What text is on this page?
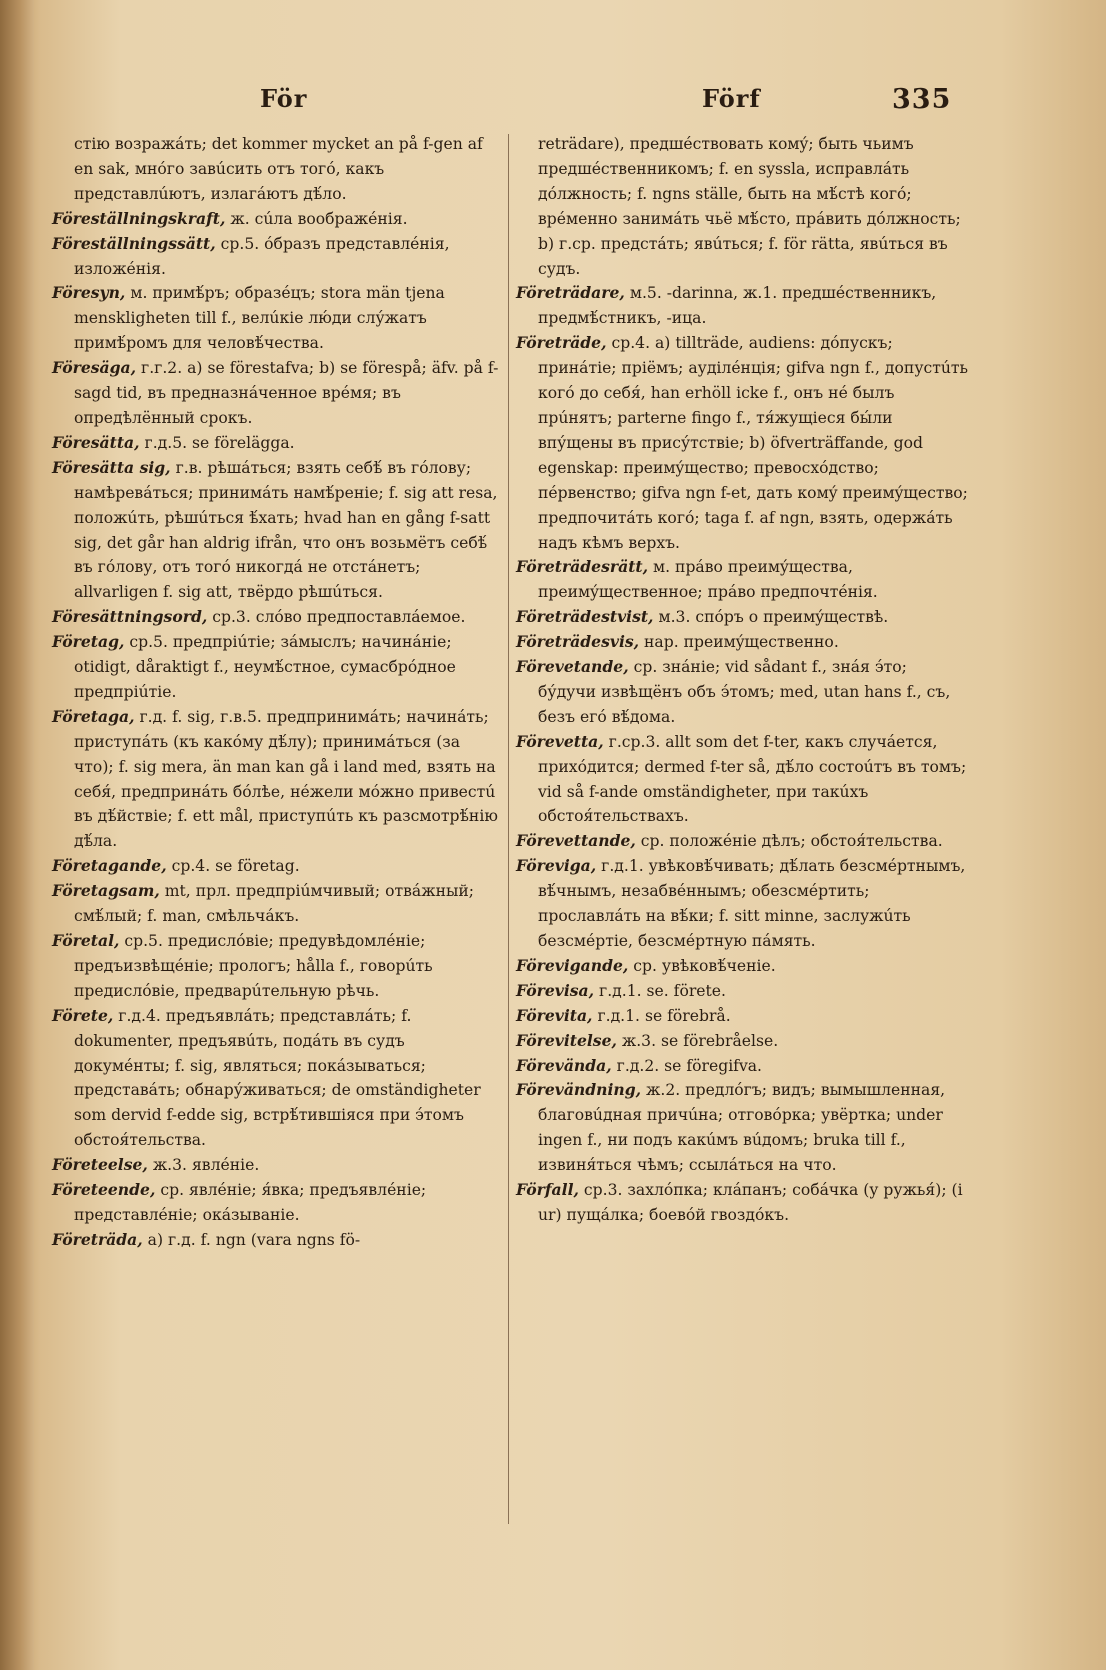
För	Förf	335

стію возражáть; det kommer mycket an på f-gen af en sak, мнóго завúсить отъ тогó, какъ представлúютъ, излагáютъ дѣ́ло.

Föreställningskraft, ж. сúла воображéнія.

Föreställningssätt, ср.5. óбразъ представлéнія, изложéнія.

Föresyn, м. примѣ́ръ; образéцъ; stora män tjena menskligheten till f., велúкіе лю́ди слу́жатъ примѣ́ромъ для человѣ́чества.

Föresäga, г.г.2. a) se förestafva; b) se förespå; äfv. på f-sagd tid, въ предназнáченное врéмя; въ опредѣлённый срокъ.

Föresätta, г.д.5. se förelägga.

Föresätta sig, г.в. рѣшáться; взять себѣ́ въ гóлову; намѣрeвáться; принимáть намѣ́реніе; f. sig att resa, положúть, рѣшúться ѣ́хать; hvad han en gång f-satt sig, det går han aldrig ifrån, что онъ возьмётъ себѣ́ въ гóлову, отъ тогó никогдá не отстáнетъ; allvarligen f. sig att, твёрдо рѣшúться.

Föresättningsord, ср.3. слóво предпоставлáемое.

Företag, ср.5. предпріúтіе; зáмыслъ; начинáніе; otidigt, dåraktigt f., неумѣ́стное, сумасбрóдное предпріúтіе.

Företaga, г.д. f. sig, г.в.5. предпринимáть; начинáть; приступáть (къ какóму дѣ́лу); принимáться (за что); f. sig mera, än man kan gå i land med, взять на себя́, предпринáть бóлѣе, нéжели мóжно привестú въ дѣ́йствіе; f. ett mål, приступúть къ разсмотрѣ́нію дѣ́ла.

Företagande, ср.4. se företag.

Företagsam, mt, прл. предпріúмчивый; отвáжный; смѣ́лый; f. man, смѣльчáкъ.

Företal, ср.5. предислóвіе; предувѣдомлéніе; предъизвѣщéніе; прологъ; hålla f., говорúть предислóвіе, предварúтельную рѣчь.

Förete, г.д.4. предъявлáть; представлáть; f. dokumenter, предъявúть, подáть въ судъ докумéнты; f. sig, являться; покáзываться; представáть; обнару́живаться; de omständigheter som dervid f-edde sig, встрѣ́тившіяся при э́томъ обстоя́тельства.

Företeelse, ж.3. явлéніе.

Företeende, ср. явлéніе; я́вка; предъявлéніе; представлéніе; окáзываніе.

Företräda, a) г.д. f. ngn (vara ngns fö-

reträdare), предшéствовать комý; быть чьимъ предшéственникомъ; f. en syssla, исправлáть дóлжность; f. ngns ställe, быть на мѣ́стѣ когó; врéменно занимáть чьё мѣ́сто, прáвить дóлжность; b) г.ср. предстáть; явúться; f. för rätta, явúться въ судъ.

Företrädare, м.5. -darinna, ж.1. предшéственникъ, предмѣ́стникъ, -ица.

Företräde, ср.4. a) tillträde, audiens: дóпускъ; принáтіе; пріёмъ; ауділéнція; gifva ngn f., допустúть когó до себя́, han erhöll icke f., онъ нé былъ прúнятъ; parterne fingo f., тя́жущіеся бы́ли впу́щены въ прису́тствіе; b) öfverträffande, god egenskap: преимýщество; превосхóдство; пéрвенство; gifva ngn f-et, дать комý преимýщество; предпочитáть когó; taga f. af ngn, взять, одержáть надъ кѣмъ верхъ.

Företrädesrätt, м. прáво преимýщества, преимýщественное; прáво предпочтéнія.

Företrädestvist, м.3. спóръ о преимýществѣ.

Företrädesvis, нар. преимýщественно.

Förevetande, ср. знáніе; vid sådant f., знáя э́то; бу́дучи извѣщёнъ объ э́томъ; med, utan hans f., съ, безъ егó вѣ́дома.

Förevetta, г.ср.3. allt som det f-ter, какъ случáется, прихóдится; dermed f-ter så, дѣ́ло состоúтъ въ томъ; vid så f-ande omständigheter, при такúхъ обстоя́тельствахъ.

Förevettande, ср. положéніе дѣлъ; обстоя́тельства.

Föreviga, г.д.1. увѣковѣ́чивать; дѣ́лать безсмéртнымъ, вѣ́чнымъ, незабвéннымъ; обезсмéртить; прославлáть на вѣ́ки; f. sitt minne, заслужúть безсмéртіе, безсмéртную пáмять.

Förevigande, ср. увѣковѣ́ченіе.

Förevisa, г.д.1. se. förete.

Förevita, г.д.1. se förebrå.

Förevitelse, ж.3. se förebråelse.

Förevända, г.д.2. se föregifva.

Förevändning, ж.2. предлóгъ; видъ; вымышленная, благовúдная причúна; отговóрка; увёртка; under ingen f., ни подъ какúмъ вúдомъ; bruka till f., извиня́ться чѣмъ; ссылáться на что.

Förfall, ср.3. захлóпка; клáпанъ; собáчка (у ружья́); (i ur) пущáлка; боевóй гвоздóкъ.
